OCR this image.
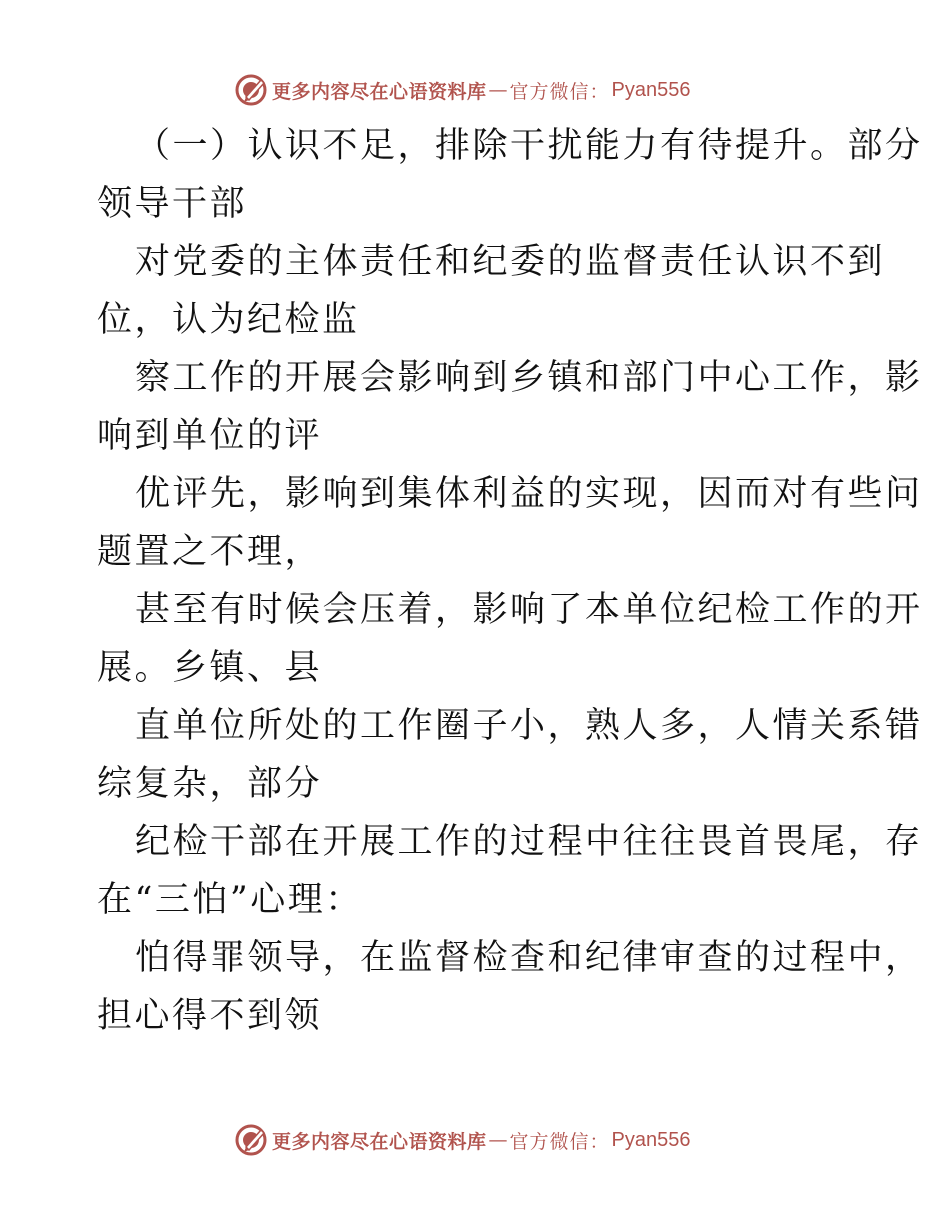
更多内容尽在心语资料库 — 官方微信： Pyan556

（一）认识不足，排除干扰能力有待提升。部分
领导干部

对党委的主体责任和纪委的监督责任认识不到
位，认为纪检监

察工作的开展会影响到乡镇和部门中心工作，影
响到单位的评

优评先，影响到集体利益的实现，因而对有些问
题置之不理，

甚至有时候会压着，影响了本单位纪检工作的开
展。乡镇、县

直单位所处的工作圈子小，熟人多，人情关系错
综复杂，部分

纪检干部在开展工作的过程中往往畏首畏尾，存
在“三怕”心理：

怕得罪领导，在监督检查和纪律审查的过程中，
担心得不到领

更多内容尽在心语资料库 — 官方微信： Pyan556
